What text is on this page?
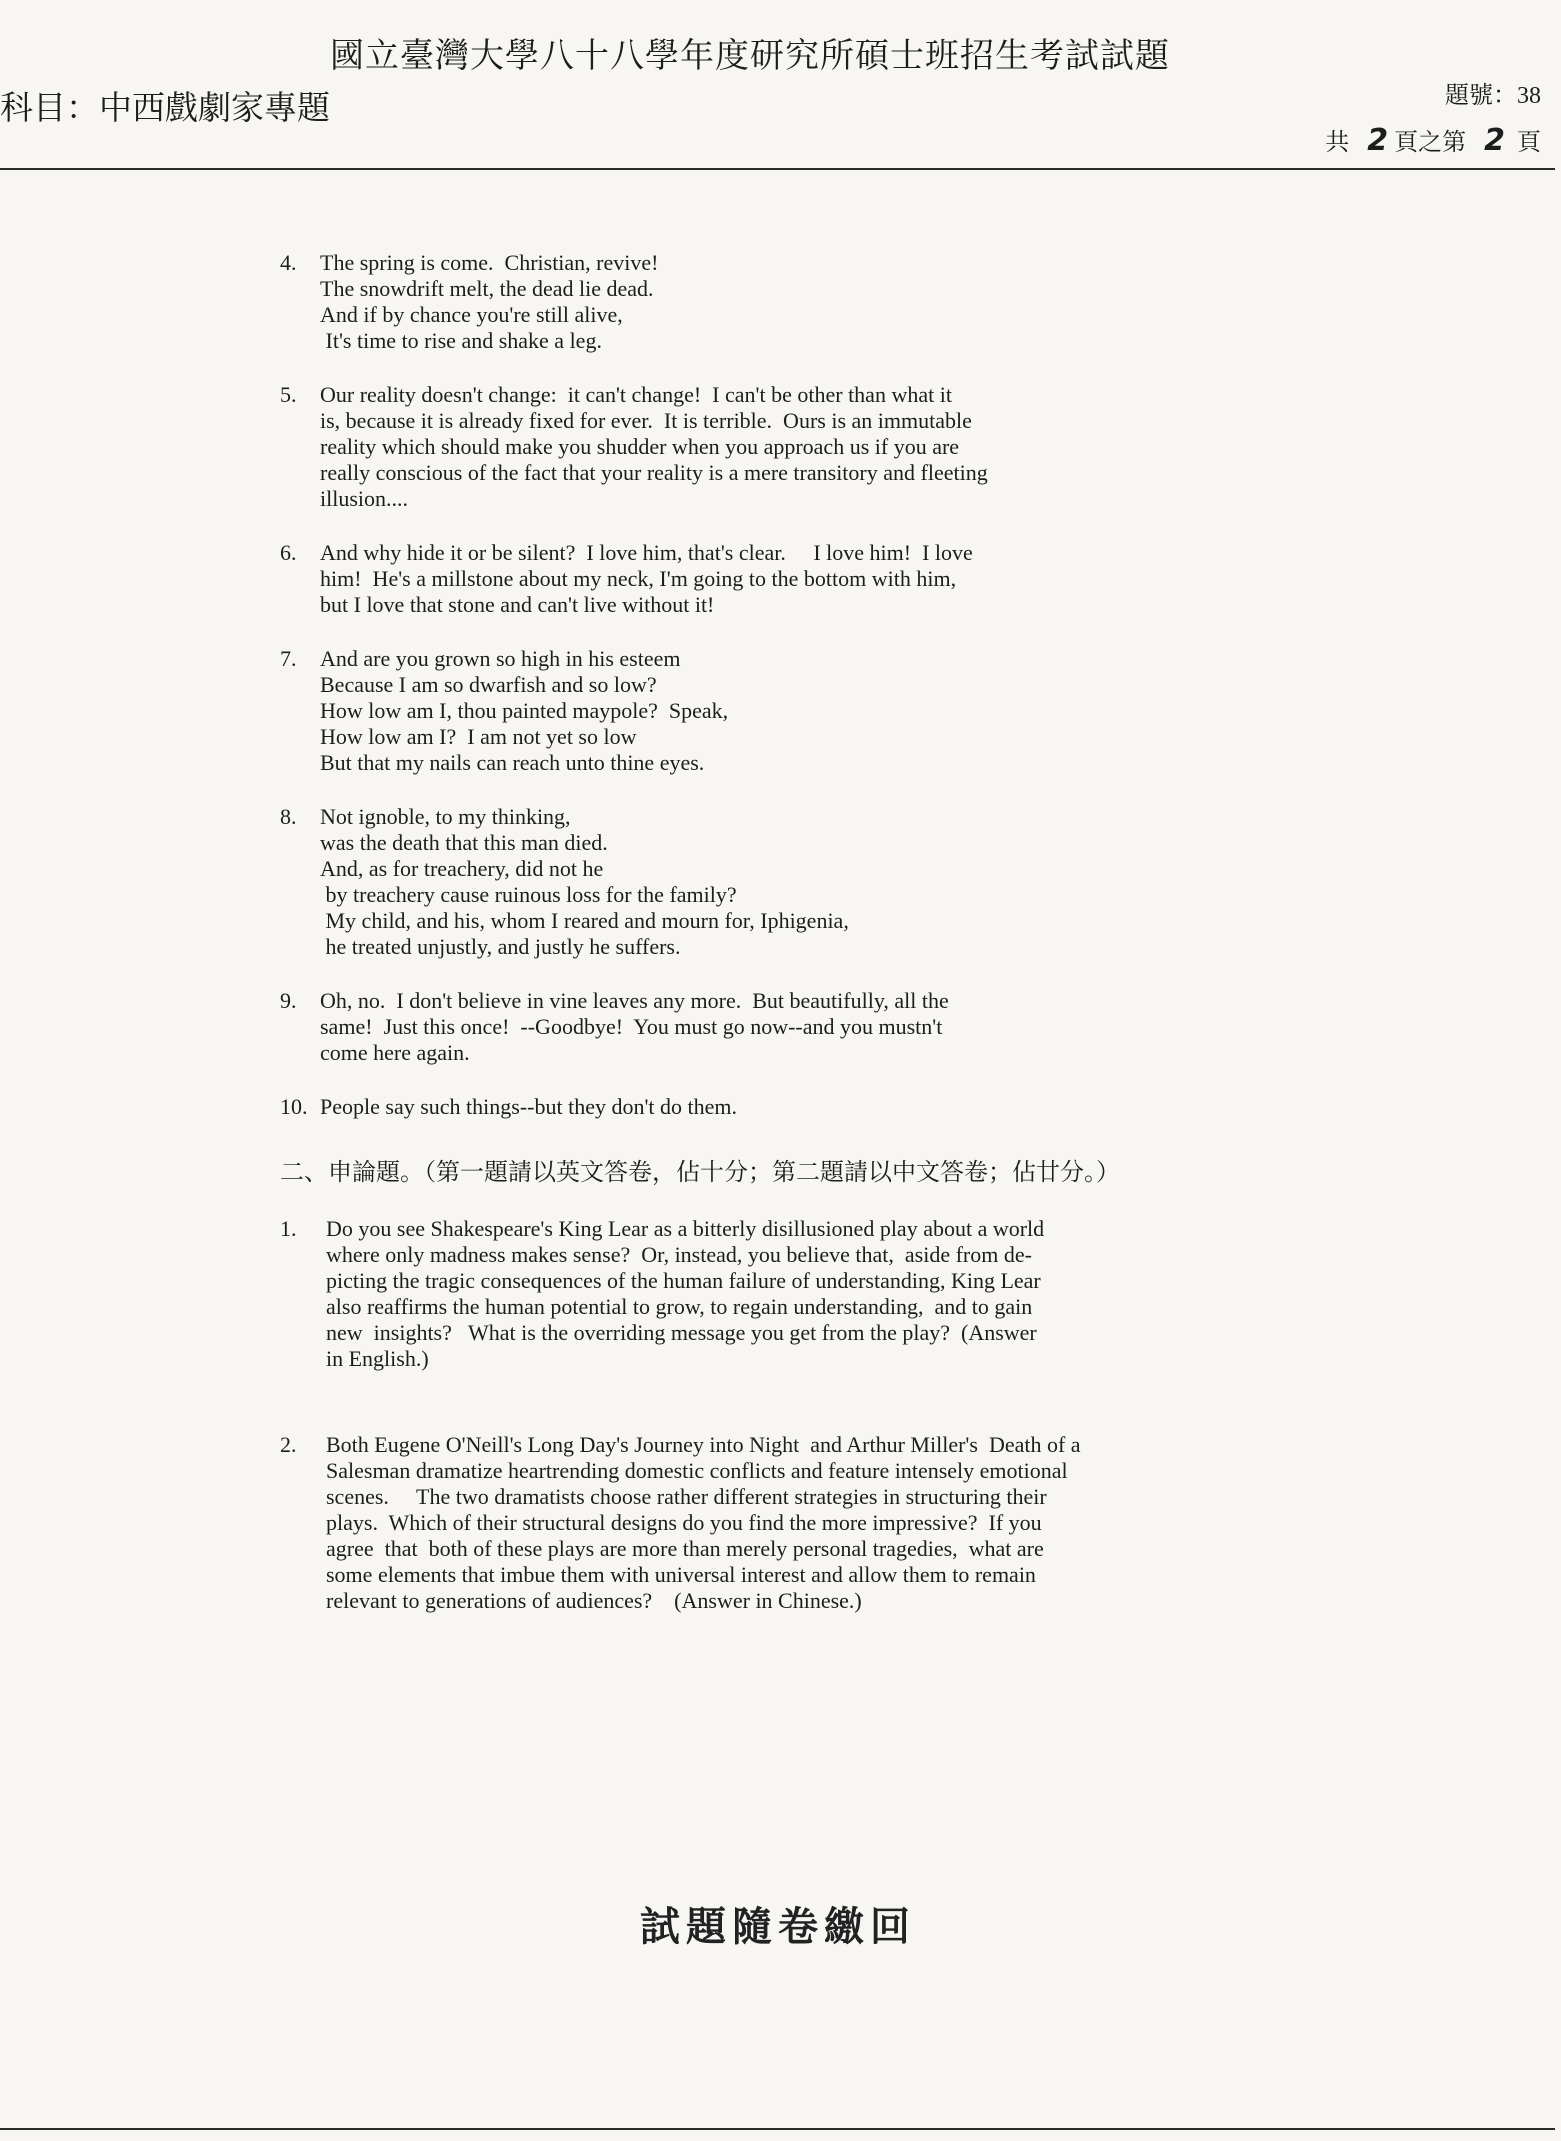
國立臺灣大學八十八學年度研究所碩士班招生考試試題
科目：中西戲劇家專題	題號：38
共 2 頁之第 2 頁
4.	The spring is come.  Christian, revive!
The snowdrift melt, the dead lie dead.
And if by chance you're still alive,
It's time to rise and shake a leg.
5.	Our reality doesn't change:  it can't change!  I can't be other than what it
is, because it is already fixed for ever.  It is terrible.  Ours is an immutable
reality which should make you shudder when you approach us if you are
really conscious of the fact that your reality is a mere transitory and fleeting
illusion....
6.	And why hide it or be silent?  I love him, that's clear.     I love him!  I love
him!  He's a millstone about my neck, I'm going to the bottom with him,
but I love that stone and can't live without it!
7.	And are you grown so high in his esteem
Because I am so dwarfish and so low?
How low am I, thou painted maypole?  Speak,
How low am I?  I am not yet so low
But that my nails can reach unto thine eyes.
8.	Not ignoble, to my thinking,
was the death that this man died.
And, as for treachery, did not he
by treachery cause ruinous loss for the family?
My child, and his, whom I reared and mourn for, Iphigenia,
he treated unjustly, and justly he suffers.
9.	Oh, no.  I don't believe in vine leaves any more.  But beautifully, all the
same!  Just this once!  --Goodbye!  You must go now--and you mustn't
come here again.
10. People say such things--but they don't do them.
二、申論題。（第一題請以英文答卷，佔十分；第二題請以中文答卷；佔廿分。）
1.	Do you see Shakespeare's King Lear as a bitterly disillusioned play about a world
where only madness makes sense?  Or, instead, you believe that,  aside from de-
picting the tragic consequences of the human failure of understanding, King Lear
also reaffirms the human potential to grow, to regain understanding,  and to gain
new  insights?   What is the overriding message you get from the play?  (Answer
in English.)
2.	Both Eugene O'Neill's Long Day's Journey into Night  and Arthur Miller's  Death of a
Salesman dramatize heartrending domestic conflicts and feature intensely emotional
scenes.     The two dramatists choose rather different strategies in structuring their
plays.  Which of their structural designs do you find the more impressive?  If you
agree  that  both of these plays are more than merely personal tragedies,  what are
some elements that imbue them with universal interest and allow them to remain
relevant to generations of audiences?    (Answer in Chinese.)
試題隨卷繳回
